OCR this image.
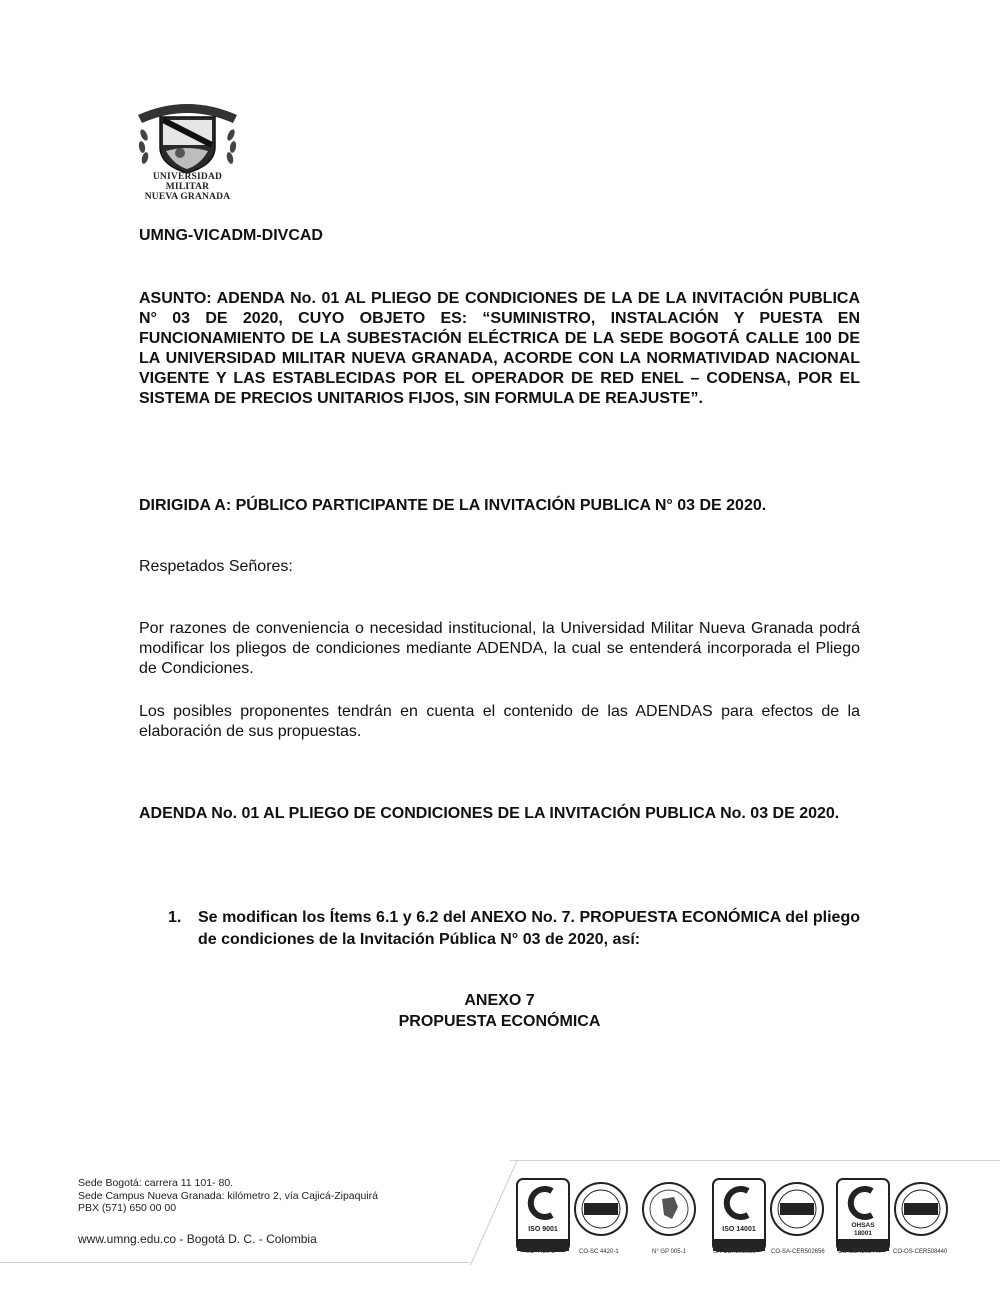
UNIVERSIDAD MILITAR
NUEVA GRANADA
UMNG-VICADM-DIVCAD
ASUNTO: ADENDA No. 01 AL PLIEGO DE CONDICIONES DE LA DE LA INVITACIÓN PUBLICA N° 03 DE 2020, CUYO OBJETO ES: “SUMINISTRO, INSTALACIÓN Y PUESTA EN FUNCIONAMIENTO DE LA SUBESTACIÓN ELÉCTRICA DE LA SEDE BOGOTÁ CALLE 100 DE LA UNIVERSIDAD MILITAR NUEVA GRANADA, ACORDE CON LA NORMATIVIDAD NACIONAL VIGENTE Y LAS ESTABLECIDAS POR EL OPERADOR DE RED ENEL – CODENSA, POR EL SISTEMA DE PRECIOS UNITARIOS FIJOS, SIN FORMULA DE REAJUSTE”.
DIRIGIDA A: PÚBLICO PARTICIPANTE DE LA INVITACIÓN PUBLICA N° 03 DE 2020.
Respetados Señores:
Por razones de conveniencia o necesidad institucional, la Universidad Militar Nueva Granada podrá modificar los pliegos de condiciones mediante ADENDA, la cual se entenderá incorporada el Pliego de Condiciones.
Los posibles proponentes tendrán en cuenta el contenido de las ADENDAS para efectos de la elaboración de sus propuestas.
ADENDA No. 01 AL PLIEGO DE CONDICIONES DE LA INVITACIÓN PUBLICA No. 03 DE 2020.
1. Se modifican los Ítems 6.1 y 6.2 del ANEXO No. 7. PROPUESTA ECONÓMICA del pliego de condiciones de la Invitación Pública N° 03 de 2020, así:
ANEXO 7
PROPUESTA ECONÓMICA
Sede Bogotá: carrera 11 101- 80.
Sede Campus Nueva Granada: kilómetro 2, vía Cajicá-Zipaquirá
PBX (571) 650 00 00
www.umng.edu.co - Bogotá D. C. - Colombia
ISO 9001	ISO 14001
OHSAS
18001
SC 4420-1	CO-SC 4420-1	N° GP 005-1	SA-CER502658	CO-SA-CER502656 OS-CER508440 CO-OS-CER508440
